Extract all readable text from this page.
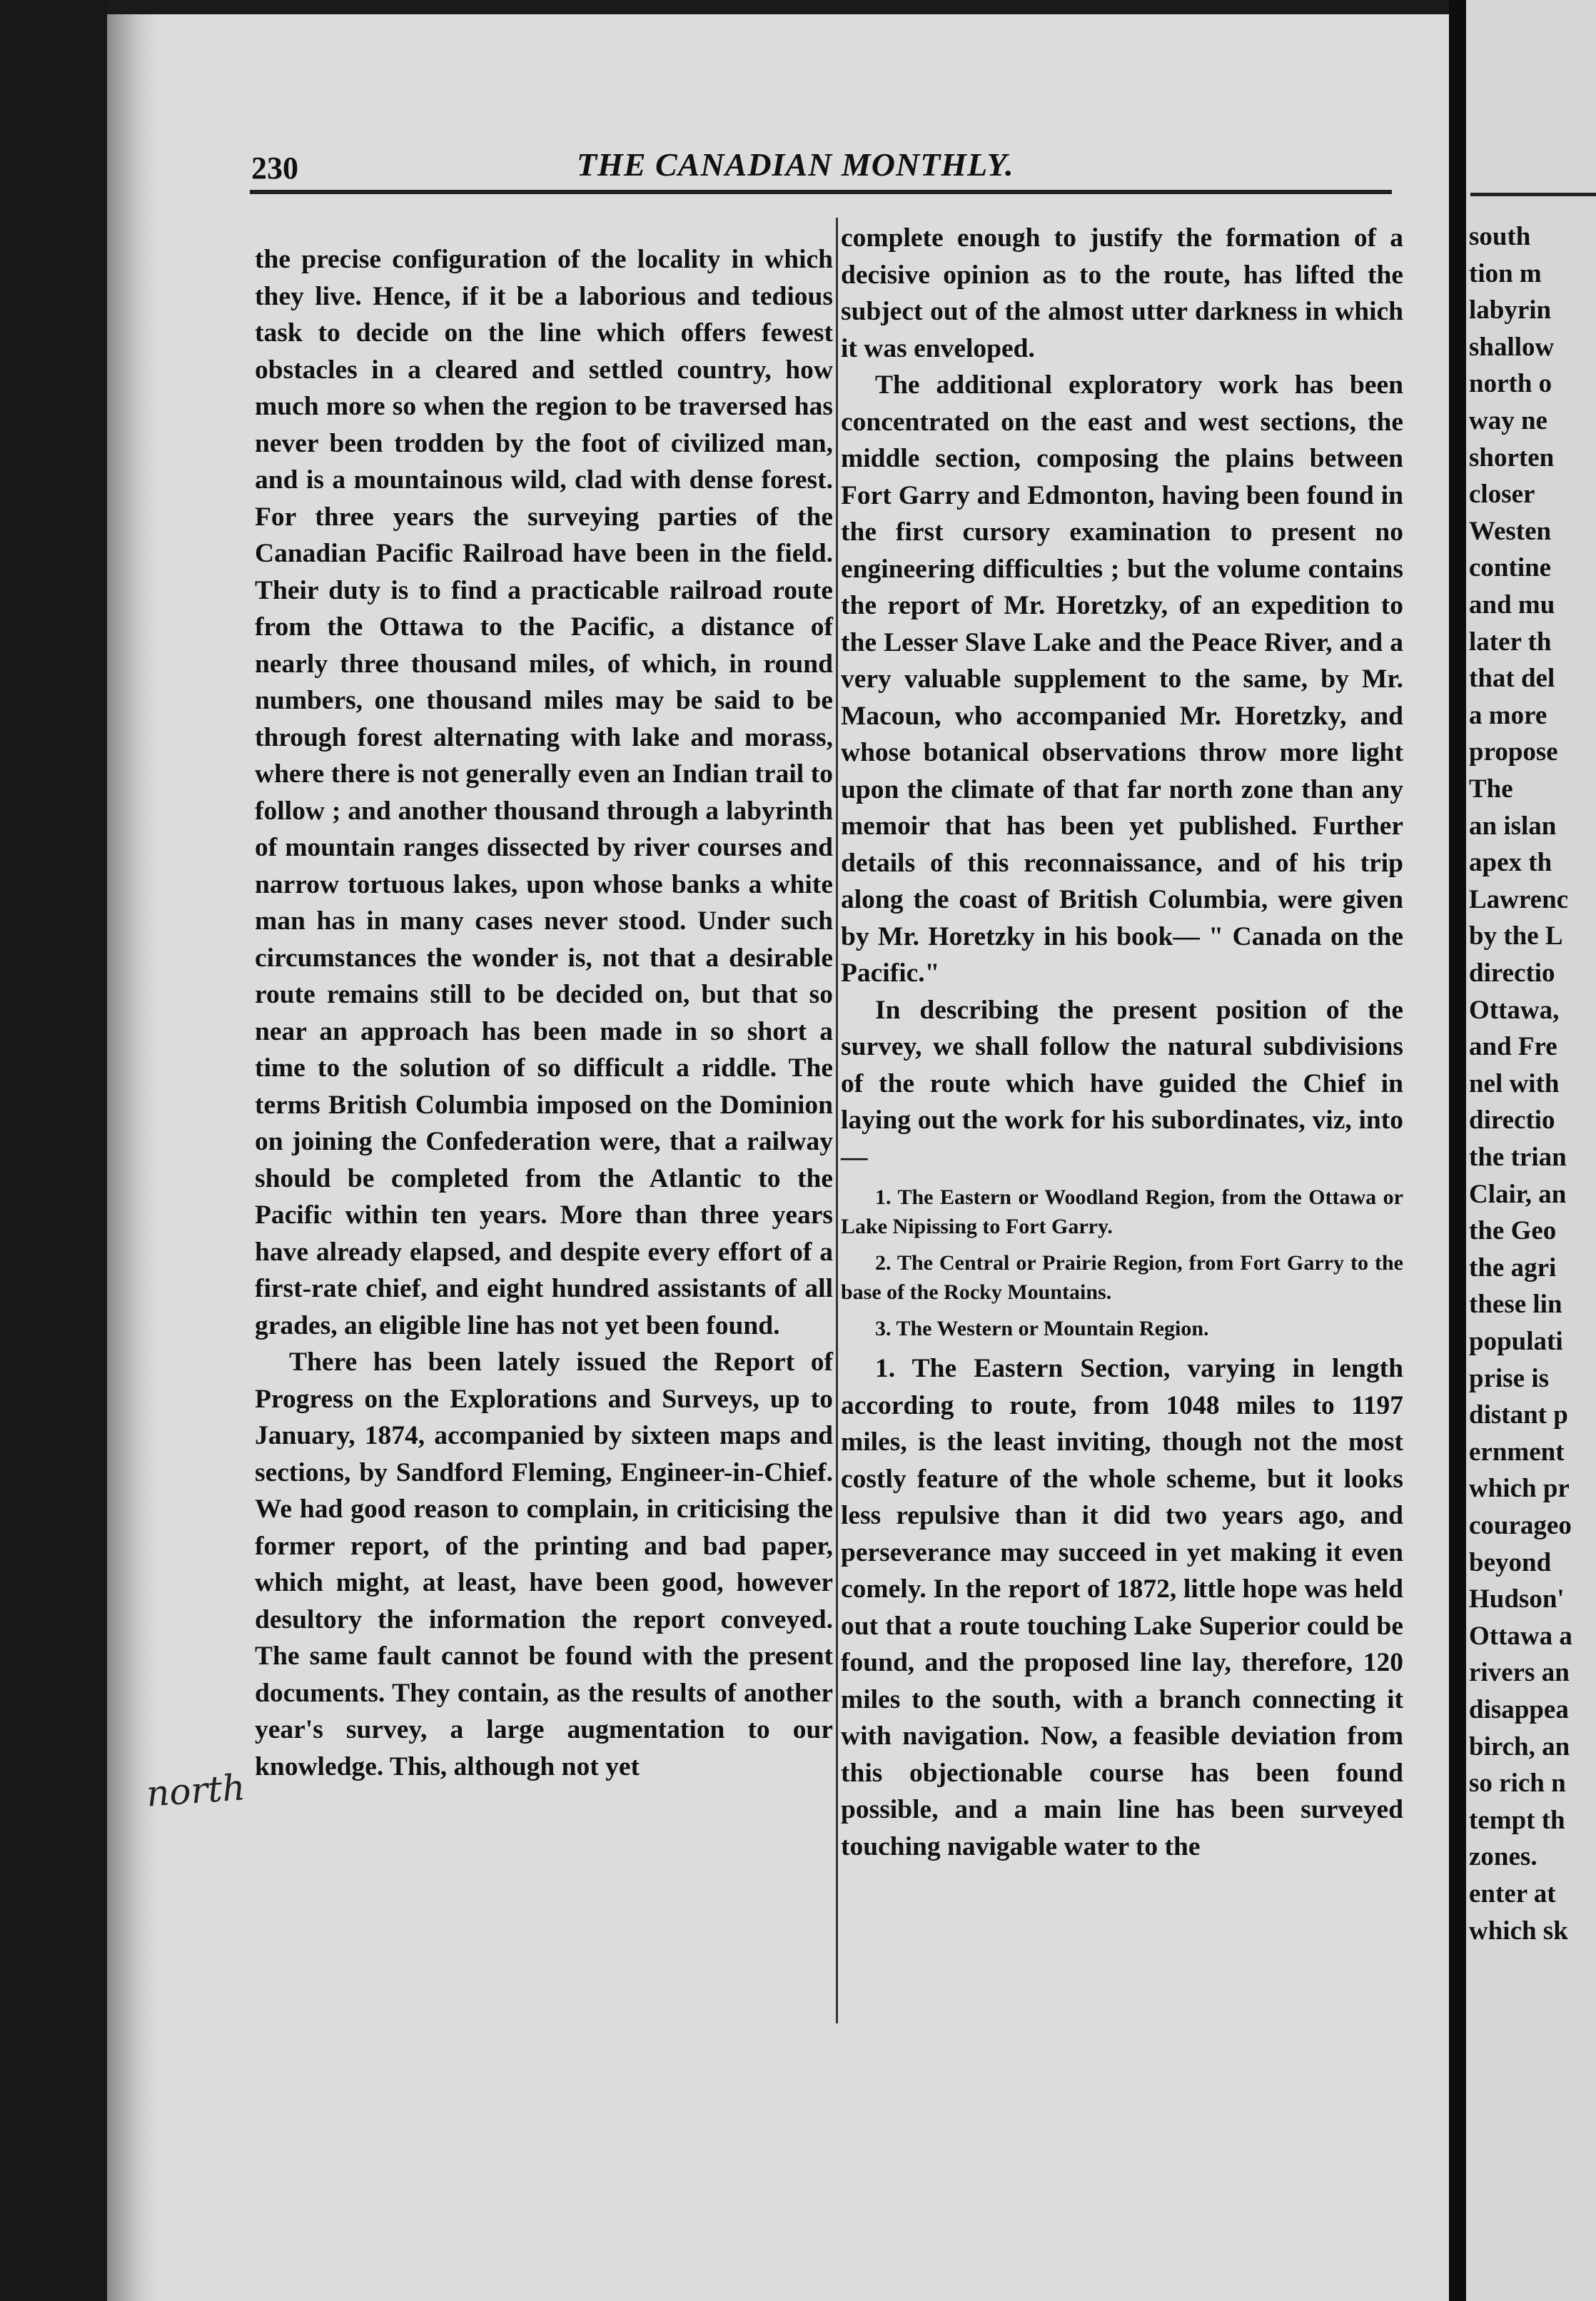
230	THE CANADIAN MONTHLY.

the precise configuration of the locality in which they live. Hence, if it be a laborious and tedious task to decide on the line which offers fewest obstacles in a cleared and settled country, how much more so when the region to be traversed has never been trodden by the foot of civilized man, and is a mountainous wild, clad with dense forest. For three years the surveying parties of the Canadian Pacific Railroad have been in the field. Their duty is to find a practicable railroad route from the Ottawa to the Pacific, a distance of nearly three thousand miles, of which, in round numbers, one thousand miles may be said to be through forest alternating with lake and morass, where there is not generally even an Indian trail to follow ; and another thousand through a labyrinth of mountain ranges dissected by river courses and narrow tortuous lakes, upon whose banks a white man has in many cases never stood. Under such circumstances the wonder is, not that a desirable route remains still to be decided on, but that so near an approach has been made in so short a time to the solution of so difficult a riddle. The terms British Columbia imposed on the Dominion on joining the Confederation were, that a railway should be completed from the Atlantic to the Pacific within ten years. More than three years have already elapsed, and despite every effort of a first-rate chief, and eight hundred assistants of all grades, an eligible line has not yet been found.

There has been lately issued the Report of Progress on the Explorations and Surveys, up to January, 1874, accompanied by sixteen maps and sections, by Sandford Fleming, Engineer-in-Chief. We had good reason to complain, in criticising the former report, of the printing and bad paper, which might, at least, have been good, however desultory the information the report conveyed. The same fault cannot be found with the present documents. They contain, as the results of another year's survey, a large augmentation to our knowledge. This, although not yet

complete enough to justify the formation of a decisive opinion as to the route, has lifted the subject out of the almost utter darkness in which it was enveloped.

The additional exploratory work has been concentrated on the east and west sections, the middle section, composing the plains between Fort Garry and Edmonton, having been found in the first cursory examination to present no engineering difficulties ; but the volume contains the report of Mr. Horetzky, of an expedition to the Lesser Slave Lake and the Peace River, and a very valuable supplement to the same, by Mr. Macoun, who accompanied Mr. Horetzky, and whose botanical observations throw more light upon the climate of that far north zone than any memoir that has been yet published. Further details of this reconnaissance, and of his trip along the coast of British Columbia, were given by Mr. Horetzky in his book— " Canada on the Pacific."

In describing the present position of the survey, we shall follow the natural subdivisions of the route which have guided the Chief in laying out the work for his subordinates, viz, into—

1. The Eastern or Woodland Region, from the Ottawa or Lake Nipissing to Fort Garry.

2. The Central or Prairie Region, from Fort Garry to the base of the Rocky Mountains.

3. The Western or Mountain Region.

1. The Eastern Section, varying in length according to route, from 1048 miles to 1197 miles, is the least inviting, though not the most costly feature of the whole scheme, but it looks less repulsive than it did two years ago, and perseverance may succeed in yet making it even comely. In the report of 1872, little hope was held out that a route touching Lake Superior could be found, and the proposed line lay, therefore, 120 miles to the south, with a branch connecting it with navigation. Now, a feasible deviation from this objectionable course has been found possible, and a main line has been surveyed touching navigable water to the

north
south
tion m
labyrin
shallow
north o
way ne
shorten
closer
Westen
contine
and mu
later th
that del
a more
propose
The
an islan
apex th
Lawrenc
by the L
directio
Ottawa,
and Fre
nel with
directio
the trian
Clair, an
the Geo
the agri
these lin
populati
prise is
distant p
ernment
which pr
courageo
beyond
Hudson'
Ottawa a
rivers an
disappea
birch, an
so rich n
tempt th
zones.
enter at
which sk
